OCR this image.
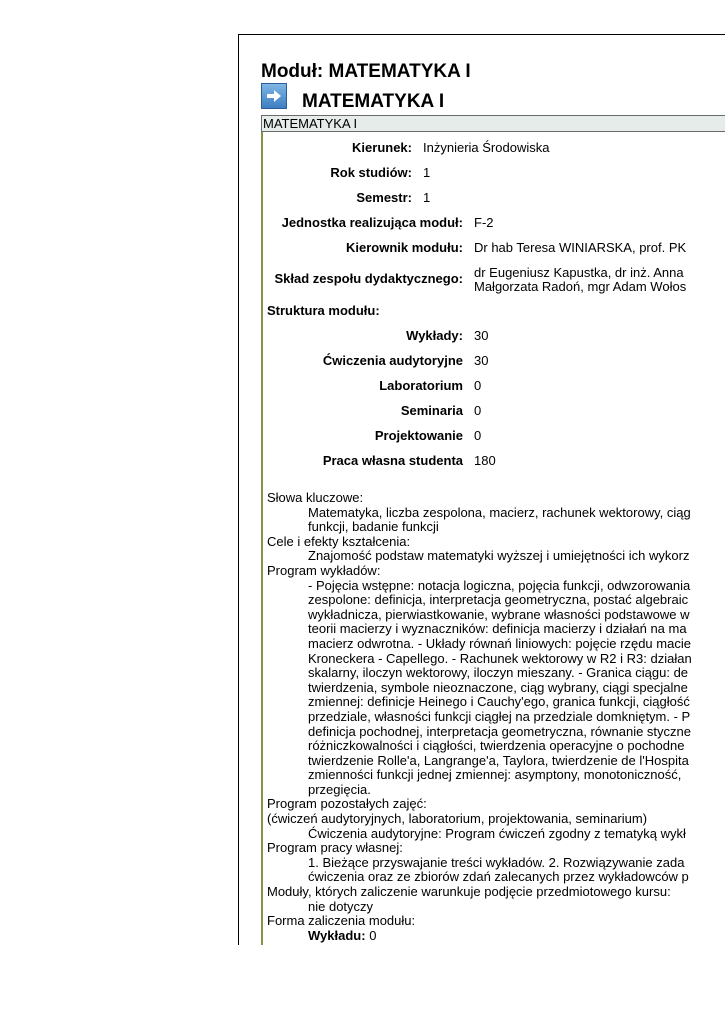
Moduł: MATEMATYKA I
MATEMATYKA I
MATEMATYKA I
Kierunek: Inżynieria Środowiska
Rok studiów: 1
Semestr: 1
Jednostka realizująca moduł: F-2
Kierownik modułu: Dr hab Teresa WINIARSKA, prof. PK
Skład zespołu dydaktycznego: dr Eugeniusz Kapustka, dr inż. Anna
Małgorzata Radoń, mgr Adam Wołos
Struktura modułu:
Wykłady: 30
Ćwiczenia audytoryjne 30
Laboratorium 0
Seminaria 0
Projektowanie 0
Praca własna studenta 180
Słowa kluczowe:
Matematyka, liczba zespolona, macierz, rachunek wektorowy, ciąg
funkcji, badanie funkcji
Cele i efekty kształcenia:
Znajomość podstaw matematyki wyższej i umiejętności ich wykorz
Program wykładów:
- Pojęcia wstępne: notacja logiczna, pojęcia funkcji, odwzorowania
zespolone: definicja, interpretacja geometryczna, postać algebraic
wykładnicza, pierwiastkowanie, wybrane własności podstawowe w
teorii macierzy i wyznaczników: definicja macierzy i działań na ma
macierz odwrotna. - Układy równań liniowych: pojęcie rzędu macie
Kroneckera - Capellego. - Rachunek wektorowy w R2 i R3: działan
skalarny, iloczyn wektorowy, iloczyn mieszany. - Granica ciągu: de
twierdzenia, symbole nieoznaczone, ciąg wybrany, ciągi specjalne
zmiennej: definicje Heinego i Cauchy'ego, granica funkcji, ciągłość
przedziale, własności funkcji ciągłej na przedziale domkniętym. - P
definicja pochodnej, interpretacja geometryczna, równanie styczne
różniczkowalności i ciągłości, twierdzenia operacyjne o pochodne
twierdzenie Rolle'a, Langrange'a, Taylora, twierdzenie de l'Hospita
zmienności funkcji jednej zmiennej: asymptony, monotoniczność,
przegięcia.
Program pozostałych zajęć:
(ćwiczeń audytoryjnych, laboratorium, projektowania, seminarium)
Ćwiczenia audytoryjne: Program ćwiczeń zgodny z tematyką wykł
Program pracy własnej:
1. Bieżące przyswajanie treści wykładów. 2. Rozwiązywanie zada
ćwiczenia oraz ze zbiorów zdań zalecanych przez wykładowców p
Moduły, których zaliczenie warunkuje podjęcie przedmiotowego kursu:
nie dotyczy
Forma zaliczenia modułu:
Wykładu: 0
